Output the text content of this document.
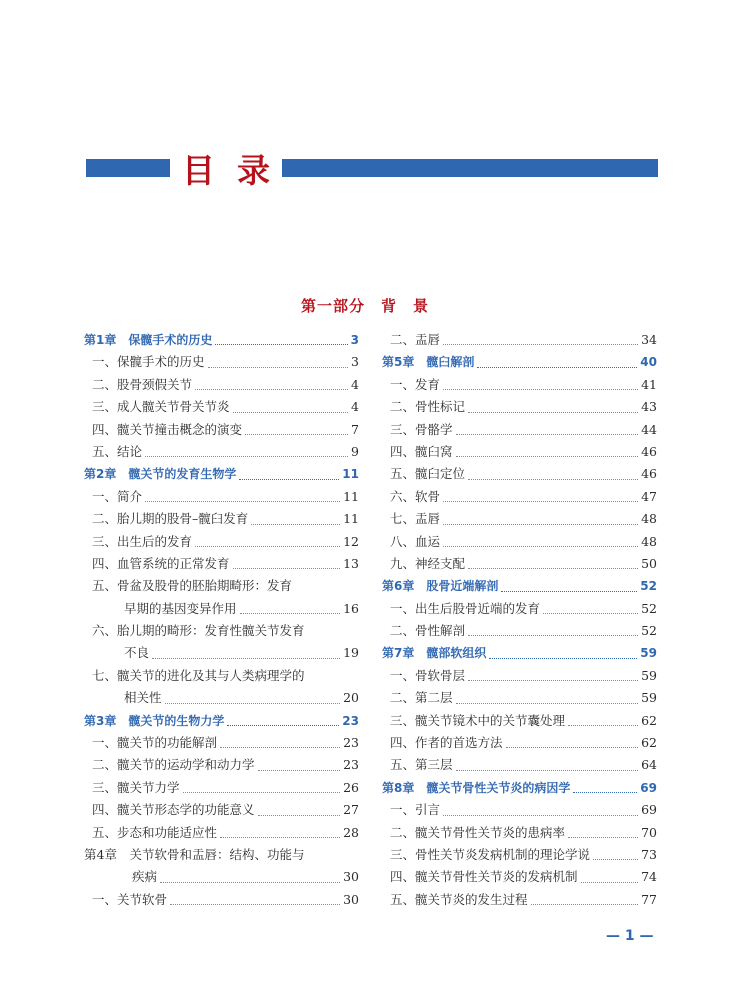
目 录
第一部分　背　景
第1章　保髋手术的历史	3
一、保髋手术的历史	3
二、股骨颈假关节	4
三、成人髋关节骨关节炎	4
四、髋关节撞击概念的演变	7
五、结论	9
第2章　髋关节的发育生物学	11
一、简介	11
二、胎儿期的股骨–髋臼发育	11
三、出生后的发育	12
四、血管系统的正常发育	13
五、骨盆及股骨的胚胎期畸形：发育
早期的基因变异作用	16
六、胎儿期的畸形：发育性髋关节发育
不良	19
七、髋关节的进化及其与人类病理学的
相关性	20
第3章　髋关节的生物力学	23
一、髋关节的功能解剖	23
二、髋关节的运动学和动力学	23
三、髋关节力学	26
四、髋关节形态学的功能意义	27
五、步态和功能适应性	28
第4章　关节软骨和盂唇：结构、功能与
疾病	30
一、关节软骨	30
二、盂唇	34
第5章　髋臼解剖	40
一、发育	41
二、骨性标记	43
三、骨骼学	44
四、髋臼窝	46
五、髋臼定位	46
六、软骨	47
七、盂唇	48
八、血运	48
九、神经支配	50
第6章　股骨近端解剖	52
一、出生后股骨近端的发育	52
二、骨性解剖	52
第7章　髋部软组织	59
一、骨软骨层	59
二、第二层	59
三、髋关节镜术中的关节囊处理	62
四、作者的首选方法	62
五、第三层	64
第8章　髋关节骨性关节炎的病因学	69
一、引言	69
二、髋关节骨性关节炎的患病率	70
三、骨性关节炎发病机制的理论学说	73
四、髋关节骨性关节炎的发病机制	74
五、髋关节炎的发生过程	77
— 1 —
